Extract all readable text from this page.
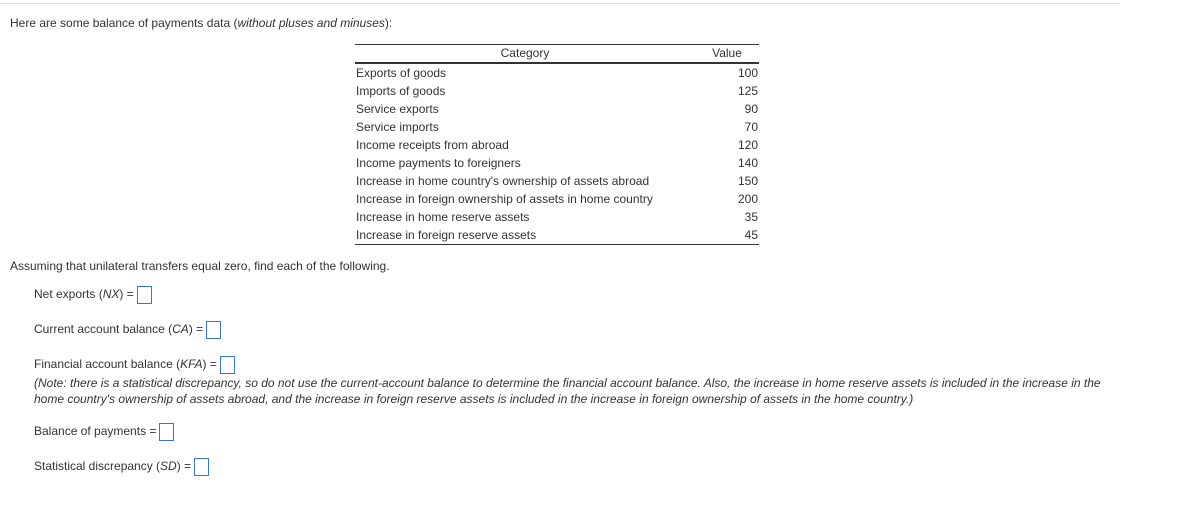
Here are some balance of payments data (without pluses and minuses):
Category	Value
Exports of goods	100
Imports of goods	125
Service exports	90
Service imports	70
Income receipts from abroad	120
Income payments to foreigners	140
Increase in home country's ownership of assets abroad	150
Increase in foreign ownership of assets in home country	200
Increase in home reserve assets	35
Increase in foreign reserve assets	45
Assuming that unilateral transfers equal zero, find each of the following.
Net exports (NX) =
Current account balance (CA) =
Financial account balance (KFA) =
(Note: there is a statistical discrepancy, so do not use the current-account balance to determine the financial account balance. Also, the increase in home reserve assets is included in the increase in the home country's ownership of assets abroad, and the increase in foreign reserve assets is included in the increase in foreign ownership of assets in the home country.)
Balance of payments =
Statistical discrepancy (SD) =
